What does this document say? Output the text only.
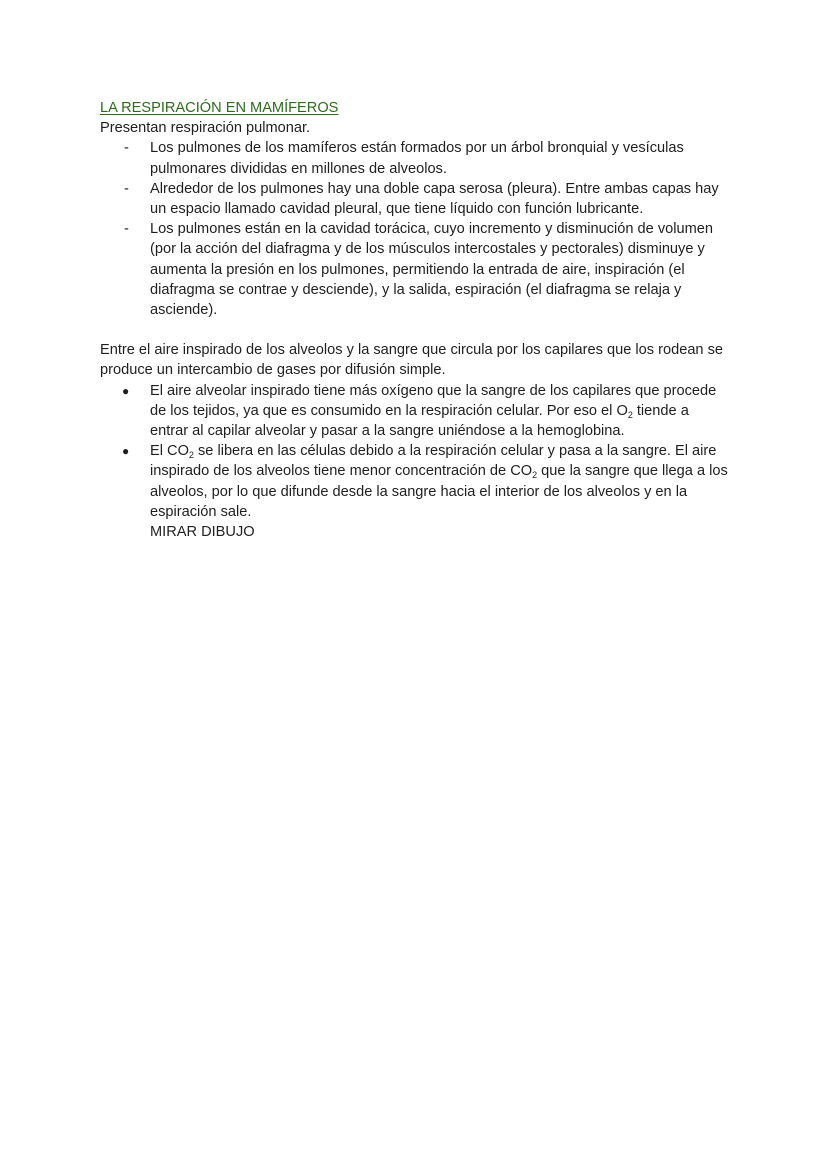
LA RESPIRACIÓN EN MAMÍFEROS

Presentan respiración pulmonar.

- Los pulmones de los mamíferos están formados por un árbol bronquial y vesículas pulmonares divididas en millones de alveolos.
- Alrededor de los pulmones hay una doble capa serosa (pleura). Entre ambas capas hay un espacio llamado cavidad pleural, que tiene líquido con función lubricante.
- Los pulmones están en la cavidad torácica, cuyo incremento y disminución de volumen (por la acción del diafragma y de los músculos intercostales y pectorales) disminuye y aumenta la presión en los pulmones, permitiendo la entrada de aire, inspiración (el diafragma se contrae y desciende), y la salida, espiración (el diafragma se relaja y asciende).

Entre el aire inspirado de los alveolos y la sangre que circula por los capilares que los rodean se produce un intercambio de gases por difusión simple.

● El aire alveolar inspirado tiene más oxígeno que la sangre de los capilares que procede de los tejidos, ya que es consumido en la respiración celular. Por eso el $O_2$ tiende a entrar al capilar alveolar y pasar a la sangre uniéndose a la hemoglobina.
● El $CO_2$ se libera en las células debido a la respiración celular y pasa a la sangre. El aire inspirado de los alveolos tiene menor concentración de $CO_2$ que la sangre que llega a los alveolos, por lo que difunde desde la sangre hacia el interior de los alveolos y en la espiración sale.

MIRAR DIBUJO
